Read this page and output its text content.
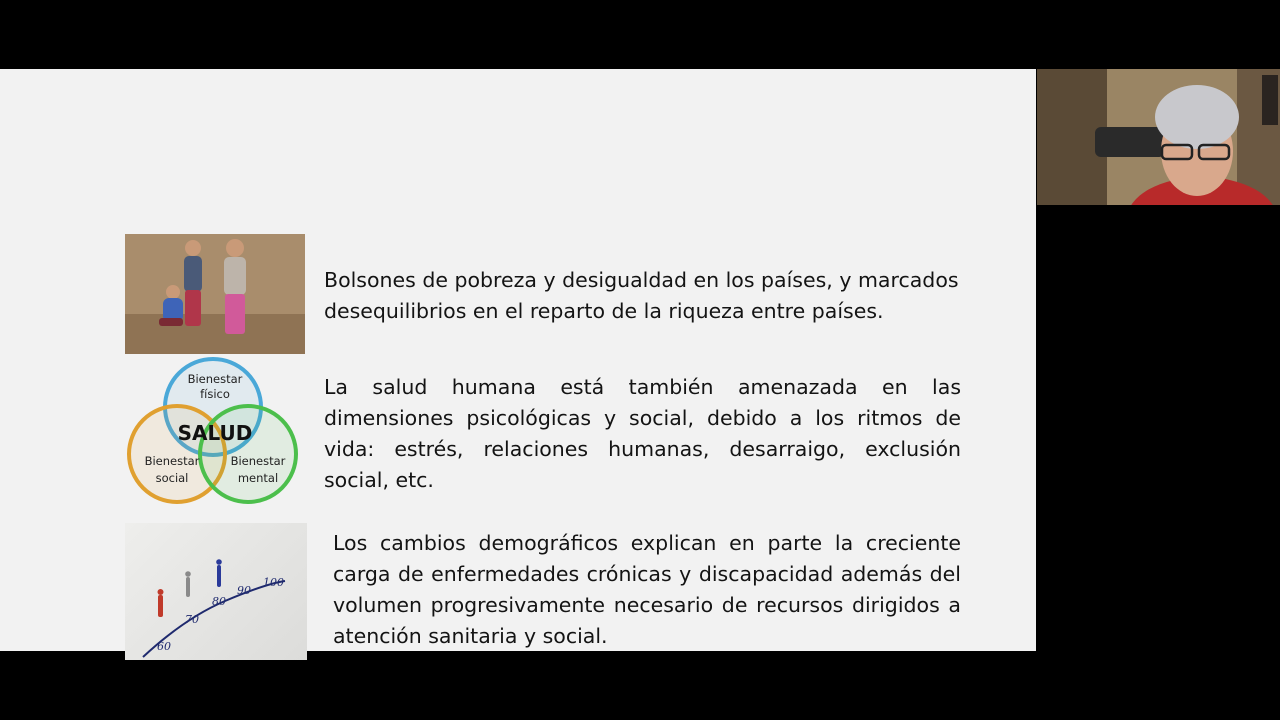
Bienestar
físico
SALUD
Bienestar
social
Bienestar
mental
60
70
80
90
100
Bolsones de pobreza y desigualdad en los países, y marcados desequilibrios en el reparto de la riqueza entre países.
La salud humana está también amenazada en las dimensiones psicológicas y social, debido a los ritmos de vida: estrés, relaciones humanas, desarraigo, exclusión social, etc.
Los cambios demográficos explican en parte la creciente carga de enfermedades crónicas y discapacidad además del volumen progresivamente necesario de recursos dirigidos a atención sanitaria y social.
